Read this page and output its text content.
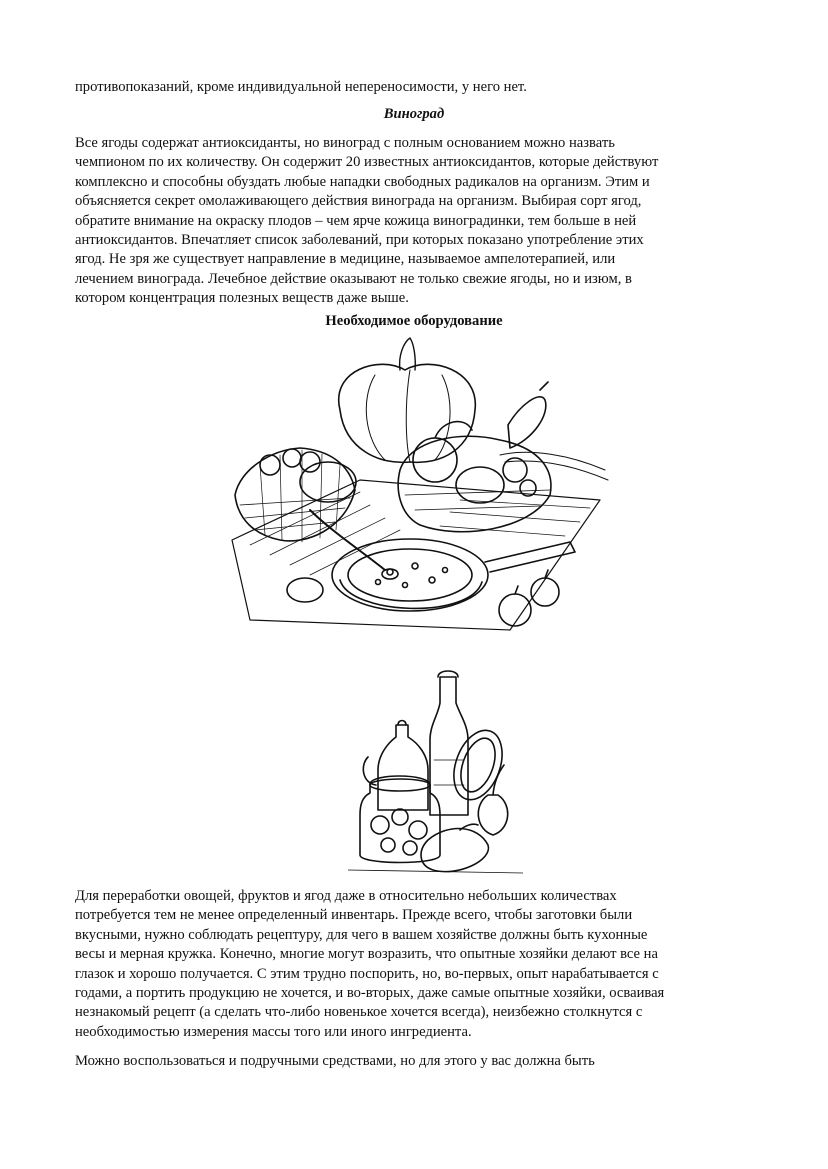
противопоказаний, кроме индивидуальной непереносимости, у него нет.

Виноград

Все ягоды содержат антиоксиданты, но виноград с полным основанием можно назвать
чемпионом по их количеству. Он содержит 20 известных антиоксидантов, которые действуют
комплексно и способны обуздать любые нападки свободных радикалов на организм. Этим и
объясняется секрет омолаживающего действия винограда на организм. Выбирая сорт ягод,
обратите внимание на окраску плодов – чем ярче кожица виноградинки, тем больше в ней
антиоксидантов. Впечатляет список заболеваний, при которых показано употребление этих
ягод. Не зря же существует направление в медицине, называемое ампелотерапией, или
лечением винограда. Лечебное действие оказывают не только свежие ягоды, но и изюм, в
котором концентрация полезных веществ даже выше.

Необходимое оборудование

Для переработки овощей, фруктов и ягод даже в относительно небольших количествах
потребуется тем не менее определенный инвентарь. Прежде всего, чтобы заготовки были
вкусными, нужно соблюдать рецептуру, для чего в вашем хозяйстве должны быть кухонные
весы и мерная кружка. Конечно, многие могут возразить, что опытные хозяйки делают все на
глазок и хорошо получается. С этим трудно поспорить, но, во-первых, опыт нарабатывается с
годами, а портить продукцию не хочется, и во-вторых, даже самые опытные хозяйки, осваивая
незнакомый рецепт (а сделать что-либо новенькое хочется всегда), неизбежно столкнутся с
необходимостью измерения массы того или иного ингредиента.

Можно воспользоваться и подручными средствами, но для этого у вас должна быть
